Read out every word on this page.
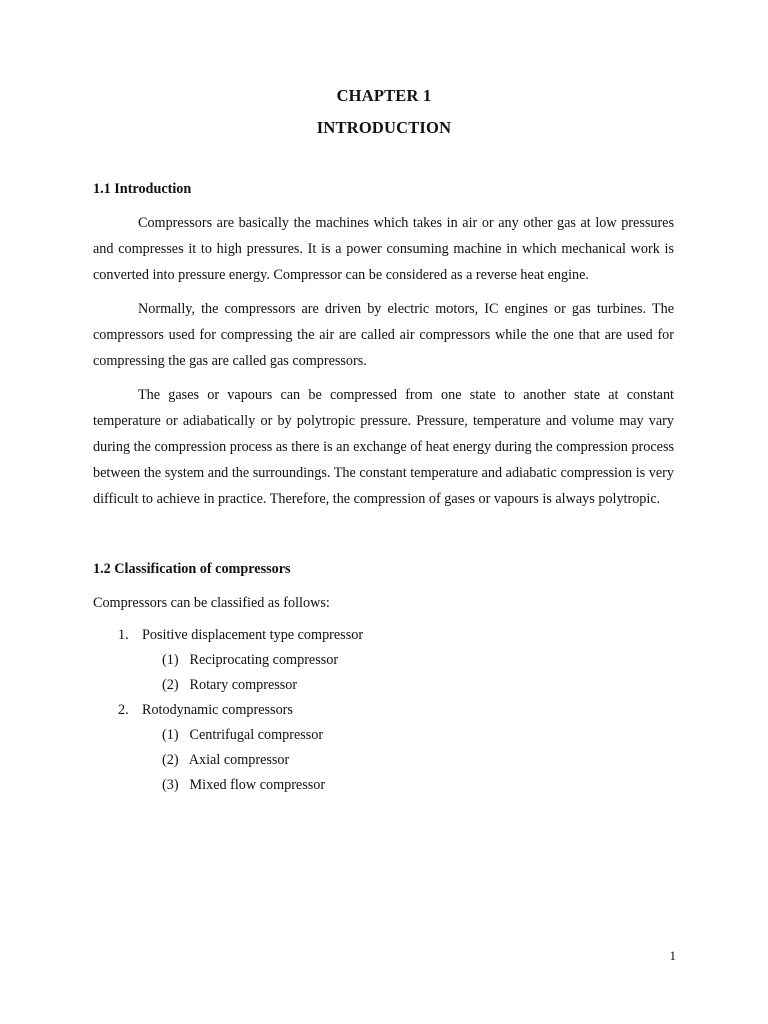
CHAPTER 1
INTRODUCTION
1.1 Introduction

Compressors are basically the machines which takes in air or any other gas at low pressures and compresses it to high pressures. It is a power consuming machine in which mechanical work is converted into pressure energy. Compressor can be considered as a reverse heat engine.

Normally, the compressors are driven by electric motors, IC engines or gas turbines. The compressors used for compressing the air are called air compressors while the one that are used for compressing the gas are called gas compressors.

The gases or vapours can be compressed from one state to another state at constant temperature or adiabatically or by polytropic pressure. Pressure, temperature and volume may vary during the compression process as there is an exchange of heat energy during the compression process between the system and the surroundings. The constant temperature and adiabatic compression is very difficult to achieve in practice. Therefore, the compression of gases or vapours is always polytropic.

1.2 Classification of compressors

Compressors can be classified as follows:

1. Positive displacement type compressor
(1) Reciprocating compressor
(2) Rotary compressor
2. Rotodynamic compressors
(1) Centrifugal compressor
(2) Axial compressor
(3) Mixed flow compressor
1
